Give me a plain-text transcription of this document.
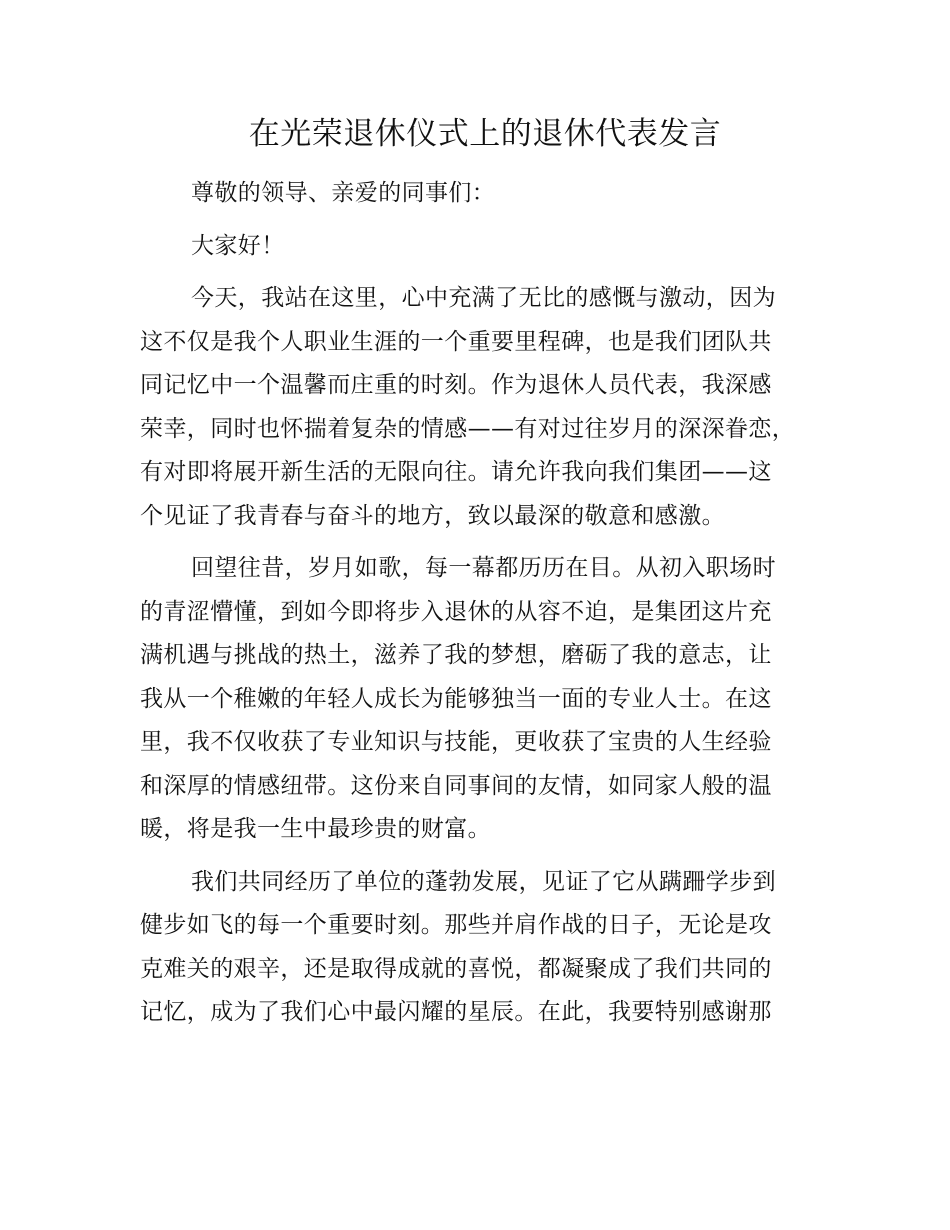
在光荣退休仪式上的退休代表发言

尊敬的领导、亲爱的同事们：

大家好！

今天，我站在这里，心中充满了无比的感慨与激动，因为

这不仅是我个人职业生涯的一个重要里程碑，也是我们团队共

同记忆中一个温馨而庄重的时刻。作为退休人员代表，我深感

荣幸，同时也怀揣着复杂的情感——有对过往岁月的深深眷恋，

有对即将展开新生活的无限向往。请允许我向我们集团——这

个见证了我青春与奋斗的地方，致以最深的敬意和感激。

回望往昔，岁月如歌，每一幕都历历在目。从初入职场时

的青涩懵懂，到如今即将步入退休的从容不迫，是集团这片充

满机遇与挑战的热土，滋养了我的梦想，磨砺了我的意志，让

我从一个稚嫩的年轻人成长为能够独当一面的专业人士。在这

里，我不仅收获了专业知识与技能，更收获了宝贵的人生经验

和深厚的情感纽带。这份来自同事间的友情，如同家人般的温

暖，将是我一生中最珍贵的财富。

我们共同经历了单位的蓬勃发展，见证了它从蹒跚学步到

健步如飞的每一个重要时刻。那些并肩作战的日子，无论是攻

克难关的艰辛，还是取得成就的喜悦，都凝聚成了我们共同的

记忆，成为了我们心中最闪耀的星辰。在此，我要特别感谢那
